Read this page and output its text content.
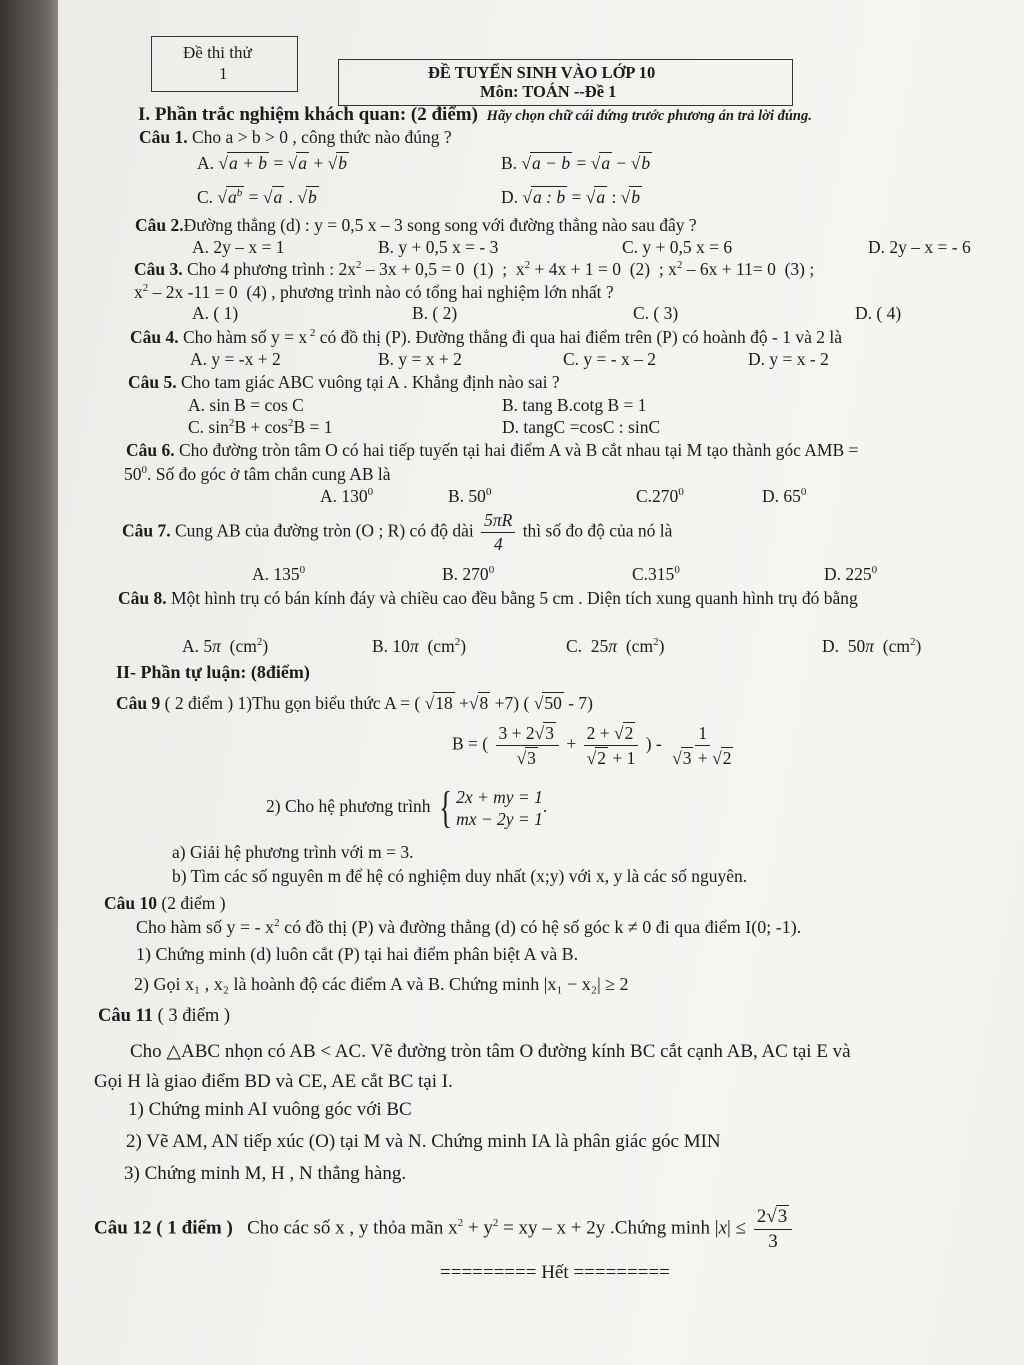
Đề thi thử
1	ĐỀ TUYỂN SINH VÀO LỚP 10
Môn: TOÁN --Đề 1
I. Phần trắc nghiệm khách quan: (2 điểm) Hãy chọn chữ cái đứng trước phương án trả lời đúng.
Câu 1. Cho a > b > 0 , công thức nào đúng ?
A. √a + b = √a + √b	B. √a − b = √a − √b
C. $√a^b = √a$ . √b	D. √a : b = √a : √b
Câu 2.Đường thẳng (d) : y = 0,5 x – 3 song song với đường thẳng nào sau đây ?
A. 2y – x = 1	B. y + 0,5 x = - 3	C. y + 0,5 x = 6	D. 2y – x = - 6
Câu 3. Cho 4 phương trình : $2x^2 - 3x + 0,5 = 0$  (1)  ;  $x^2 + 4x + 1 = 0$  (2)  ; $x^2 - 6x + 11= 0$  (3) ;
$x^2 - 2x$ -11 = 0  (4) , phương trình nào có tổng hai nghiệm lớn nhất ?
A. ( 1)	B. ( 2)	C. ( 3)	D. ( 4)
Câu 4. Cho hàm số y = x $^2$ có đồ thị (P). Đường thẳng đi qua hai điểm trên (P) có hoành độ - 1 và 2 là
A. y = -x + 2	B. y = x + 2	C. y = - x – 2	D. y = x - 2
Câu 5. Cho tam giác ABC vuông tại A . Khẳng định nào sai ?
A. sin B = cos C	B. tang B.cotg B = 1
C. $\sin^2B + \cos^2B = 1$	D. tangC =cosC : sinC
Câu 6. Cho đường tròn tâm O có hai tiếp tuyến tại hai điểm A và B cắt nhau tại M tạo thành góc AMB =
$50^0$. Số đo góc ở tâm chắn cung AB là
A. $130^0$	B. $50^0$	C.270$^0$	D. $65^0$
Câu 7. Cung AB của đường tròn (O ; R) có độ dài $\frac{5\pi R}{4}$ thì số đo độ của nó là
A. $135^0$	B. $270^0$	C.315$^0$	D. $225^0$
Câu 8. Một hình trụ có bán kính đáy và chiều cao đều bằng 5 cm . Diện tích xung quanh hình trụ đó bằng
A. 5π  $(cm^2)$	B. 10π  $(cm^2)$	C.  25π  $(cm^2)$	D.  50π  $(cm^2)$
II- Phần tự luận: (8điểm)
Câu 9 ( 2 điểm ) 1)Thu gọn biểu thức A = ( √18 +√8 +7) ( √50 - 7)
B = ( $\frac{3 + 2√3}{√3} + \frac{2 + √2}{√2 + 1}$ ) - $\frac{1}{√3 + √2}$
2) Cho hệ phương trình { 2x + my = 1
mx − 2y = 1
.
a) Giải hệ phương trình với m = 3.
b) Tìm các số nguyên m để hệ có nghiệm duy nhất (x;y) với x, y là các số nguyên.
Câu 10 (2 điểm )
Cho hàm số y = - $x^2$ có đồ thị (P) và đường thẳng (d) có hệ số góc k ≠ 0 đi qua điểm I(0; -1).
1) Chứng minh (d) luôn cắt (P) tại hai điểm phân biệt A và B.
2) Gọi x₁ , x₂ là hoành độ các điểm A và B. Chứng minh |x₁ − x₂| ≥ 2
Câu 11 ( 3 điểm )
Cho △ABC nhọn có AB < AC. Vẽ đường tròn tâm O đường kính BC cắt cạnh AB, AC tại E và
Gọi H là giao điểm BD và CE, AE cắt BC tại I.
1) Chứng minh AI vuông góc với BC
2) Vẽ AM, AN tiếp xúc (O) tại M và N. Chứng minh IA là phân giác góc MIN
3) Chứng minh M, H , N thẳng hàng.
Câu 12 ( 1 điểm ) Cho các số x , y thỏa mãn $x^2 + y^2$ = xy – x + 2y .Chứng minh $|x| \le \frac{2√3}{3}$
========= Hết =========
